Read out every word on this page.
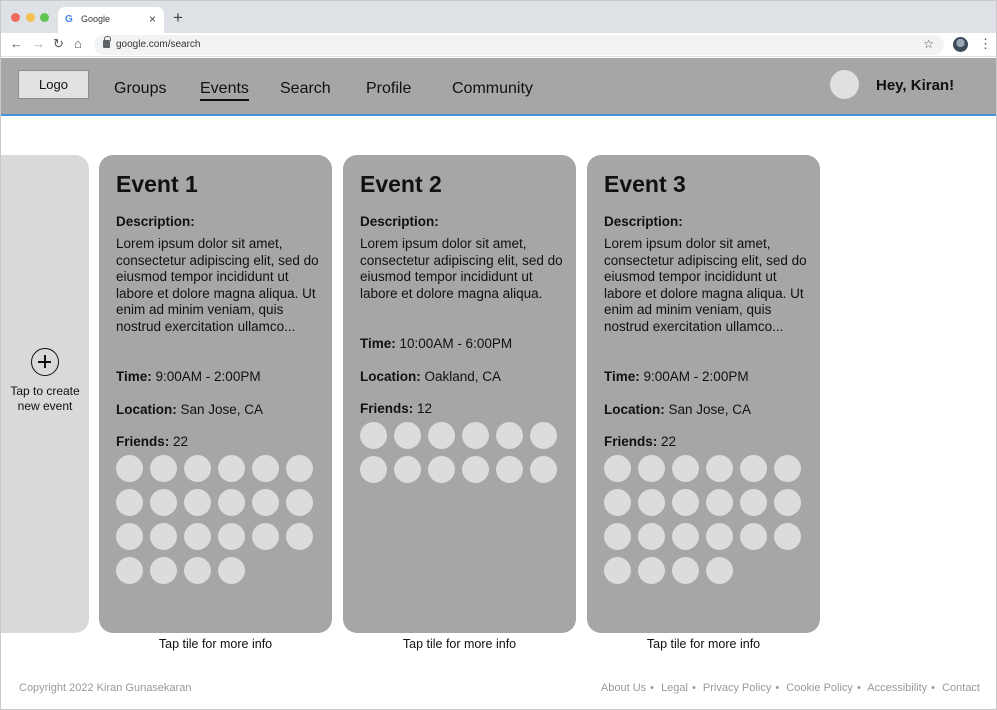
G Google	× +
← → ↻ ⌂	google.com/search	☆	⋮
Logo	Groups Events Search Profile	Community	Hey, Kiran!
Tap to create new event
Event 1
Description:

Lorem ipsum dolor sit amet, consectetur adipiscing elit, sed do eiusmod tempor incididunt ut labore et dolore magna aliqua. Ut enim ad minim veniam, quis nostrud exercitation ullamco...

Time: 9:00AM - 2:00PM
Location: San Jose, CA
Friends: 22
Tap tile for more info
Event 2
Description:

Lorem ipsum dolor sit amet, consectetur adipiscing elit, sed do eiusmod tempor incididunt ut labore et dolore magna aliqua.

Time: 10:00AM - 6:00PM
Location: Oakland, CA
Friends: 12
Tap tile for more info
Event 3
Description:

Lorem ipsum dolor sit amet, consectetur adipiscing elit, sed do eiusmod tempor incididunt ut labore et dolore magna aliqua. Ut enim ad minim veniam, quis nostrud exercitation ullamco...

Time: 9:00AM - 2:00PM
Location: San Jose, CA
Friends: 22
Tap tile for more info
Copyright 2022 Kiran Gunasekaran	About Us • Legal • Privacy Policy • Cookie Policy • Accessibility • Contact
